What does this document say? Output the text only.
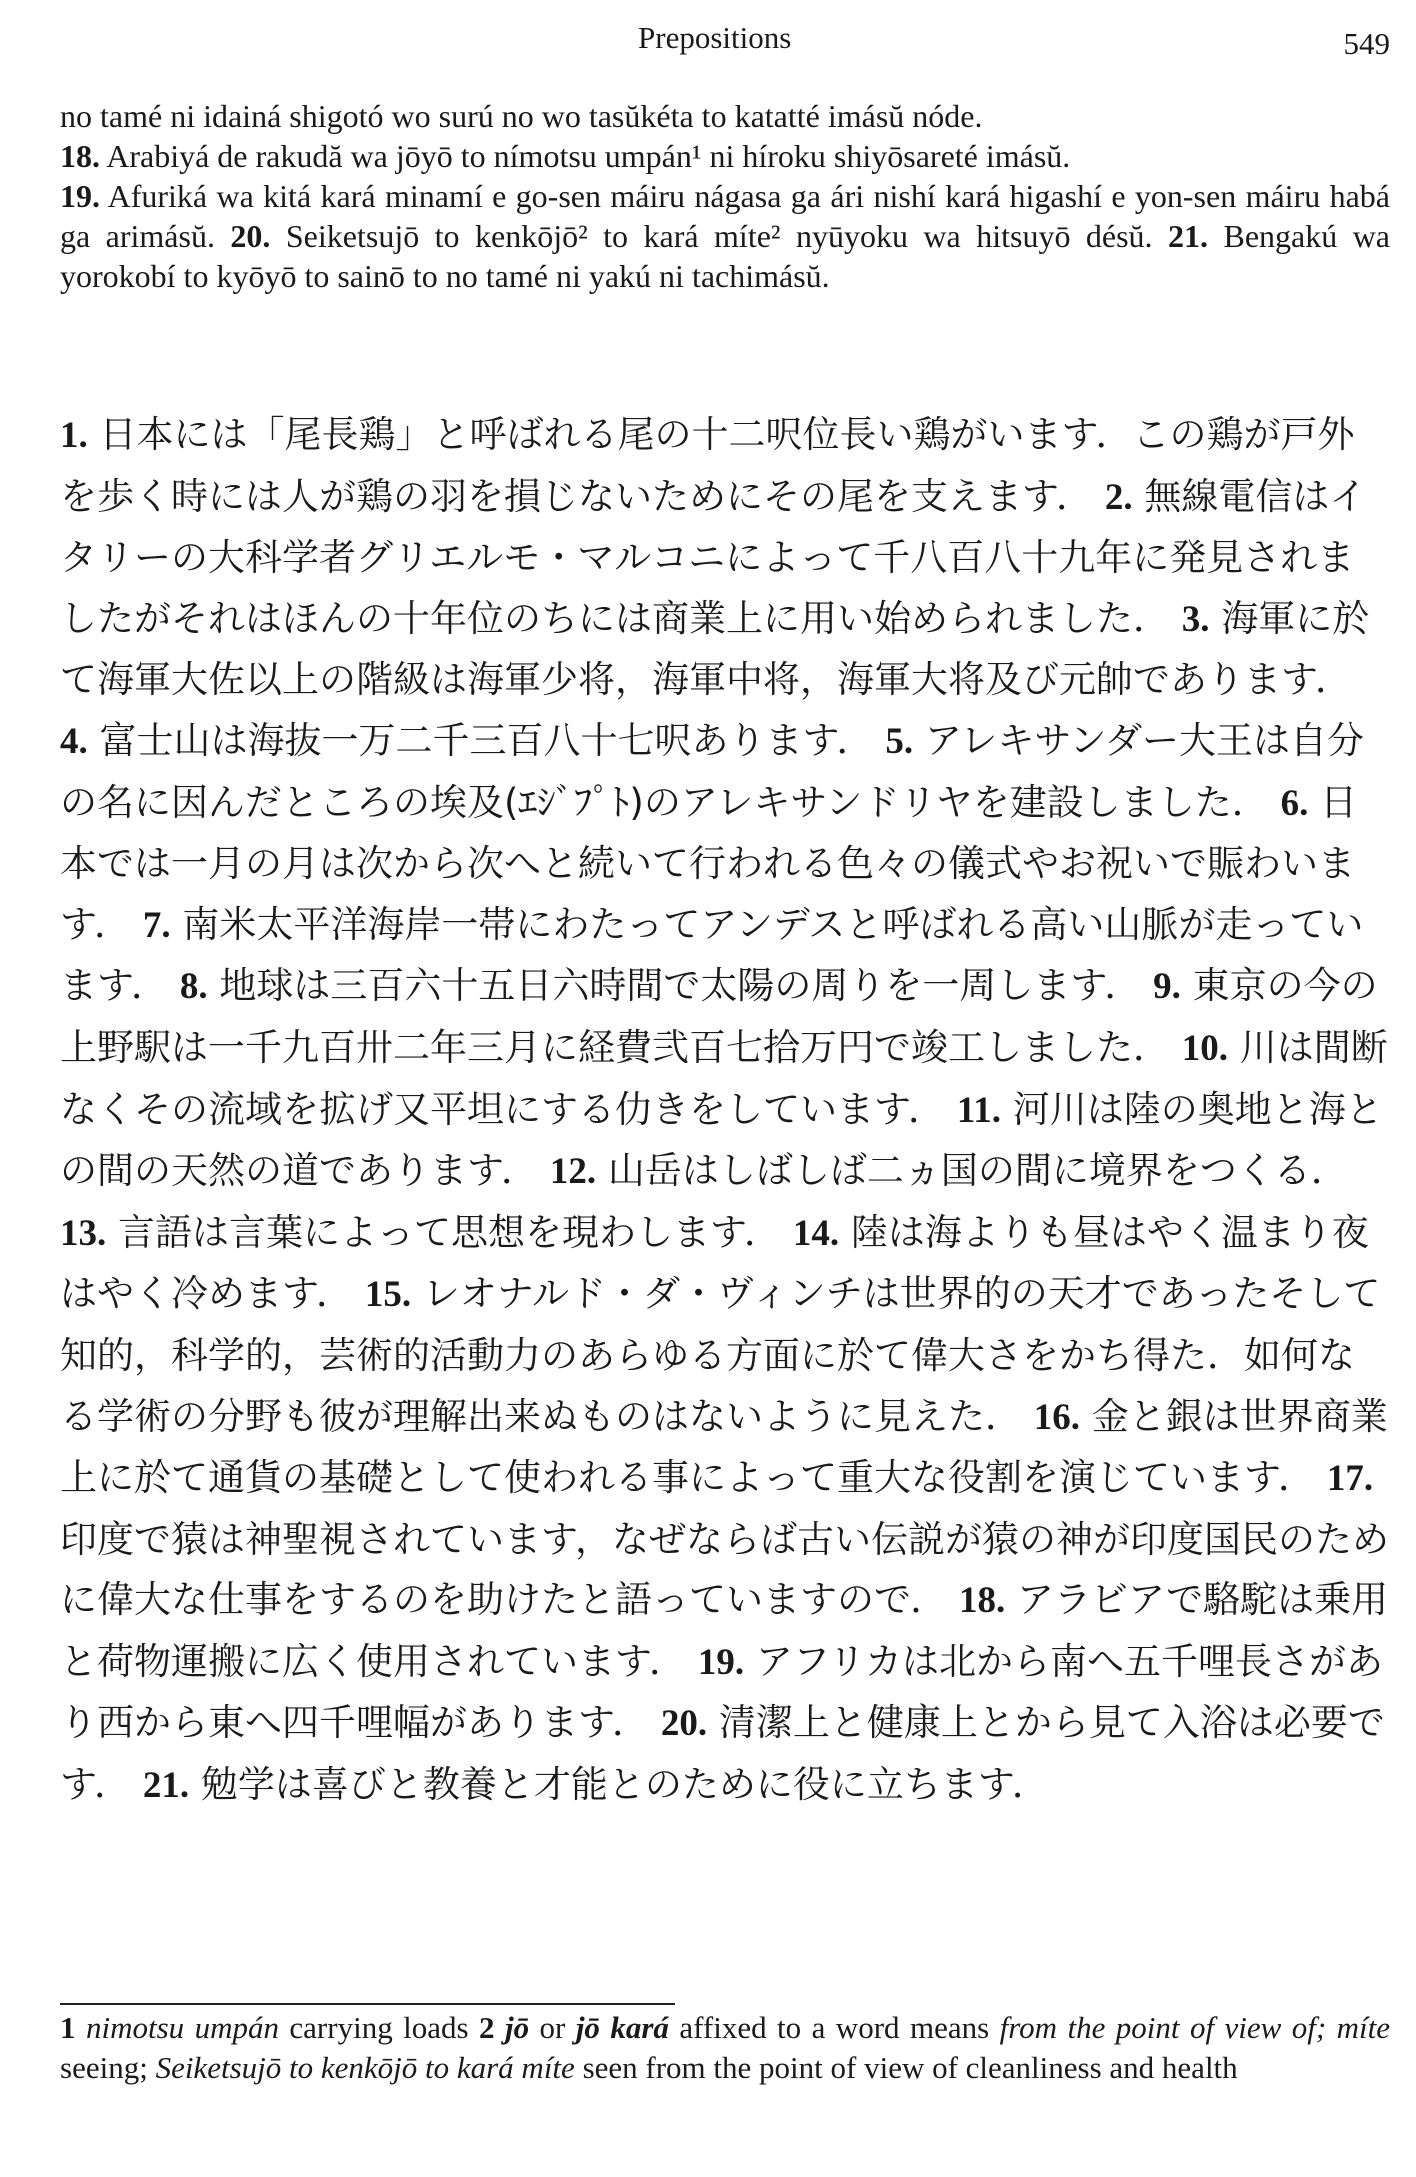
Prepositions	549
no tamé ni idainá shigotó wo surú no wo tasŭkéta to katatté imásŭ nóde.
18. Arabiyá de rakudă wa jōyō to nímotsu umpán¹ ni híroku shiyōsareté imásŭ.
19. Afuriká wa kitá kará minamí e go-sen máiru nágasa ga ári nishí kará higashí e yon-sen máiru habá ga arimásŭ. 20. Seiketsujō to kenkōjō² to kará míte² nyūyoku wa hitsuyō désŭ. 21. Bengakú wa yorokobí to kyōyō to sainō to no tamé ni yakú ni tachimásŭ.
1. 日本には「尾長鶏」と呼ばれる尾の十二呎位長い鶏がいます．この鶏が戸外を歩く時には人が鶏の羽を損じないためにその尾を支えます． 2. 無線電信はイタリーの大科学者グリエルモ・マルコニによって千八百八十九年に発見されましたがそれはほんの十年位のちには商業上に用い始められました． 3. 海軍に於て海軍大佐以上の階級は海軍少将，海軍中将，海軍大将及び元帥であります． 4. 富士山は海抜一万二千三百八十七呎あります． 5. アレキサンダー大王は自分の名に因んだところの埃及(ｴｼﾞﾌﾟﾄ)のアレキサンドリヤを建設しました． 6. 日本では一月の月は次から次へと続いて行われる色々の儀式やお祝いで賑わいます． 7. 南米太平洋海岸一帯にわたってアンデスと呼ばれる高い山脈が走っています． 8. 地球は三百六十五日六時間で太陽の周りを一周します． 9. 東京の今の上野駅は一千九百卅二年三月に経費弐百七拾万円で竣工しました． 10. 川は間断なくその流域を拡げ又平坦にする仂きをしています． 11. 河川は陸の奥地と海との間の天然の道であります． 12. 山岳はしばしば二ヵ国の間に境界をつくる． 13. 言語は言葉によって思想を現わします． 14. 陸は海よりも昼はやく温まり夜はやく冷めます． 15. レオナルド・ダ・ヴィンチは世界的の天才であったそして知的，科学的，芸術的活動力のあらゆる方面に於て偉大さをかち得た．如何なる学術の分野も彼が理解出来ぬものはないように見えた． 16. 金と銀は世界商業上に於て通貨の基礎として使われる事によって重大な役割を演じています． 17. 印度で猿は神聖視されています，なぜならば古い伝説が猿の神が印度国民のために偉大な仕事をするのを助けたと語っていますので． 18. アラビアで駱駝は乗用と荷物運搬に広く使用されています． 19. アフリカは北から南へ五千哩長さがあり西から東へ四千哩幅があります． 20. 清潔上と健康上とから見て入浴は必要です． 21. 勉学は喜びと教養と才能とのために役に立ちます．
1 nimotsu umpán carrying loads 2 jō or jō kará affixed to a word means from the point of view of; míte seeing; Seiketsujō to kenkōjō to kará míte seen from the point of view of cleanliness and health
